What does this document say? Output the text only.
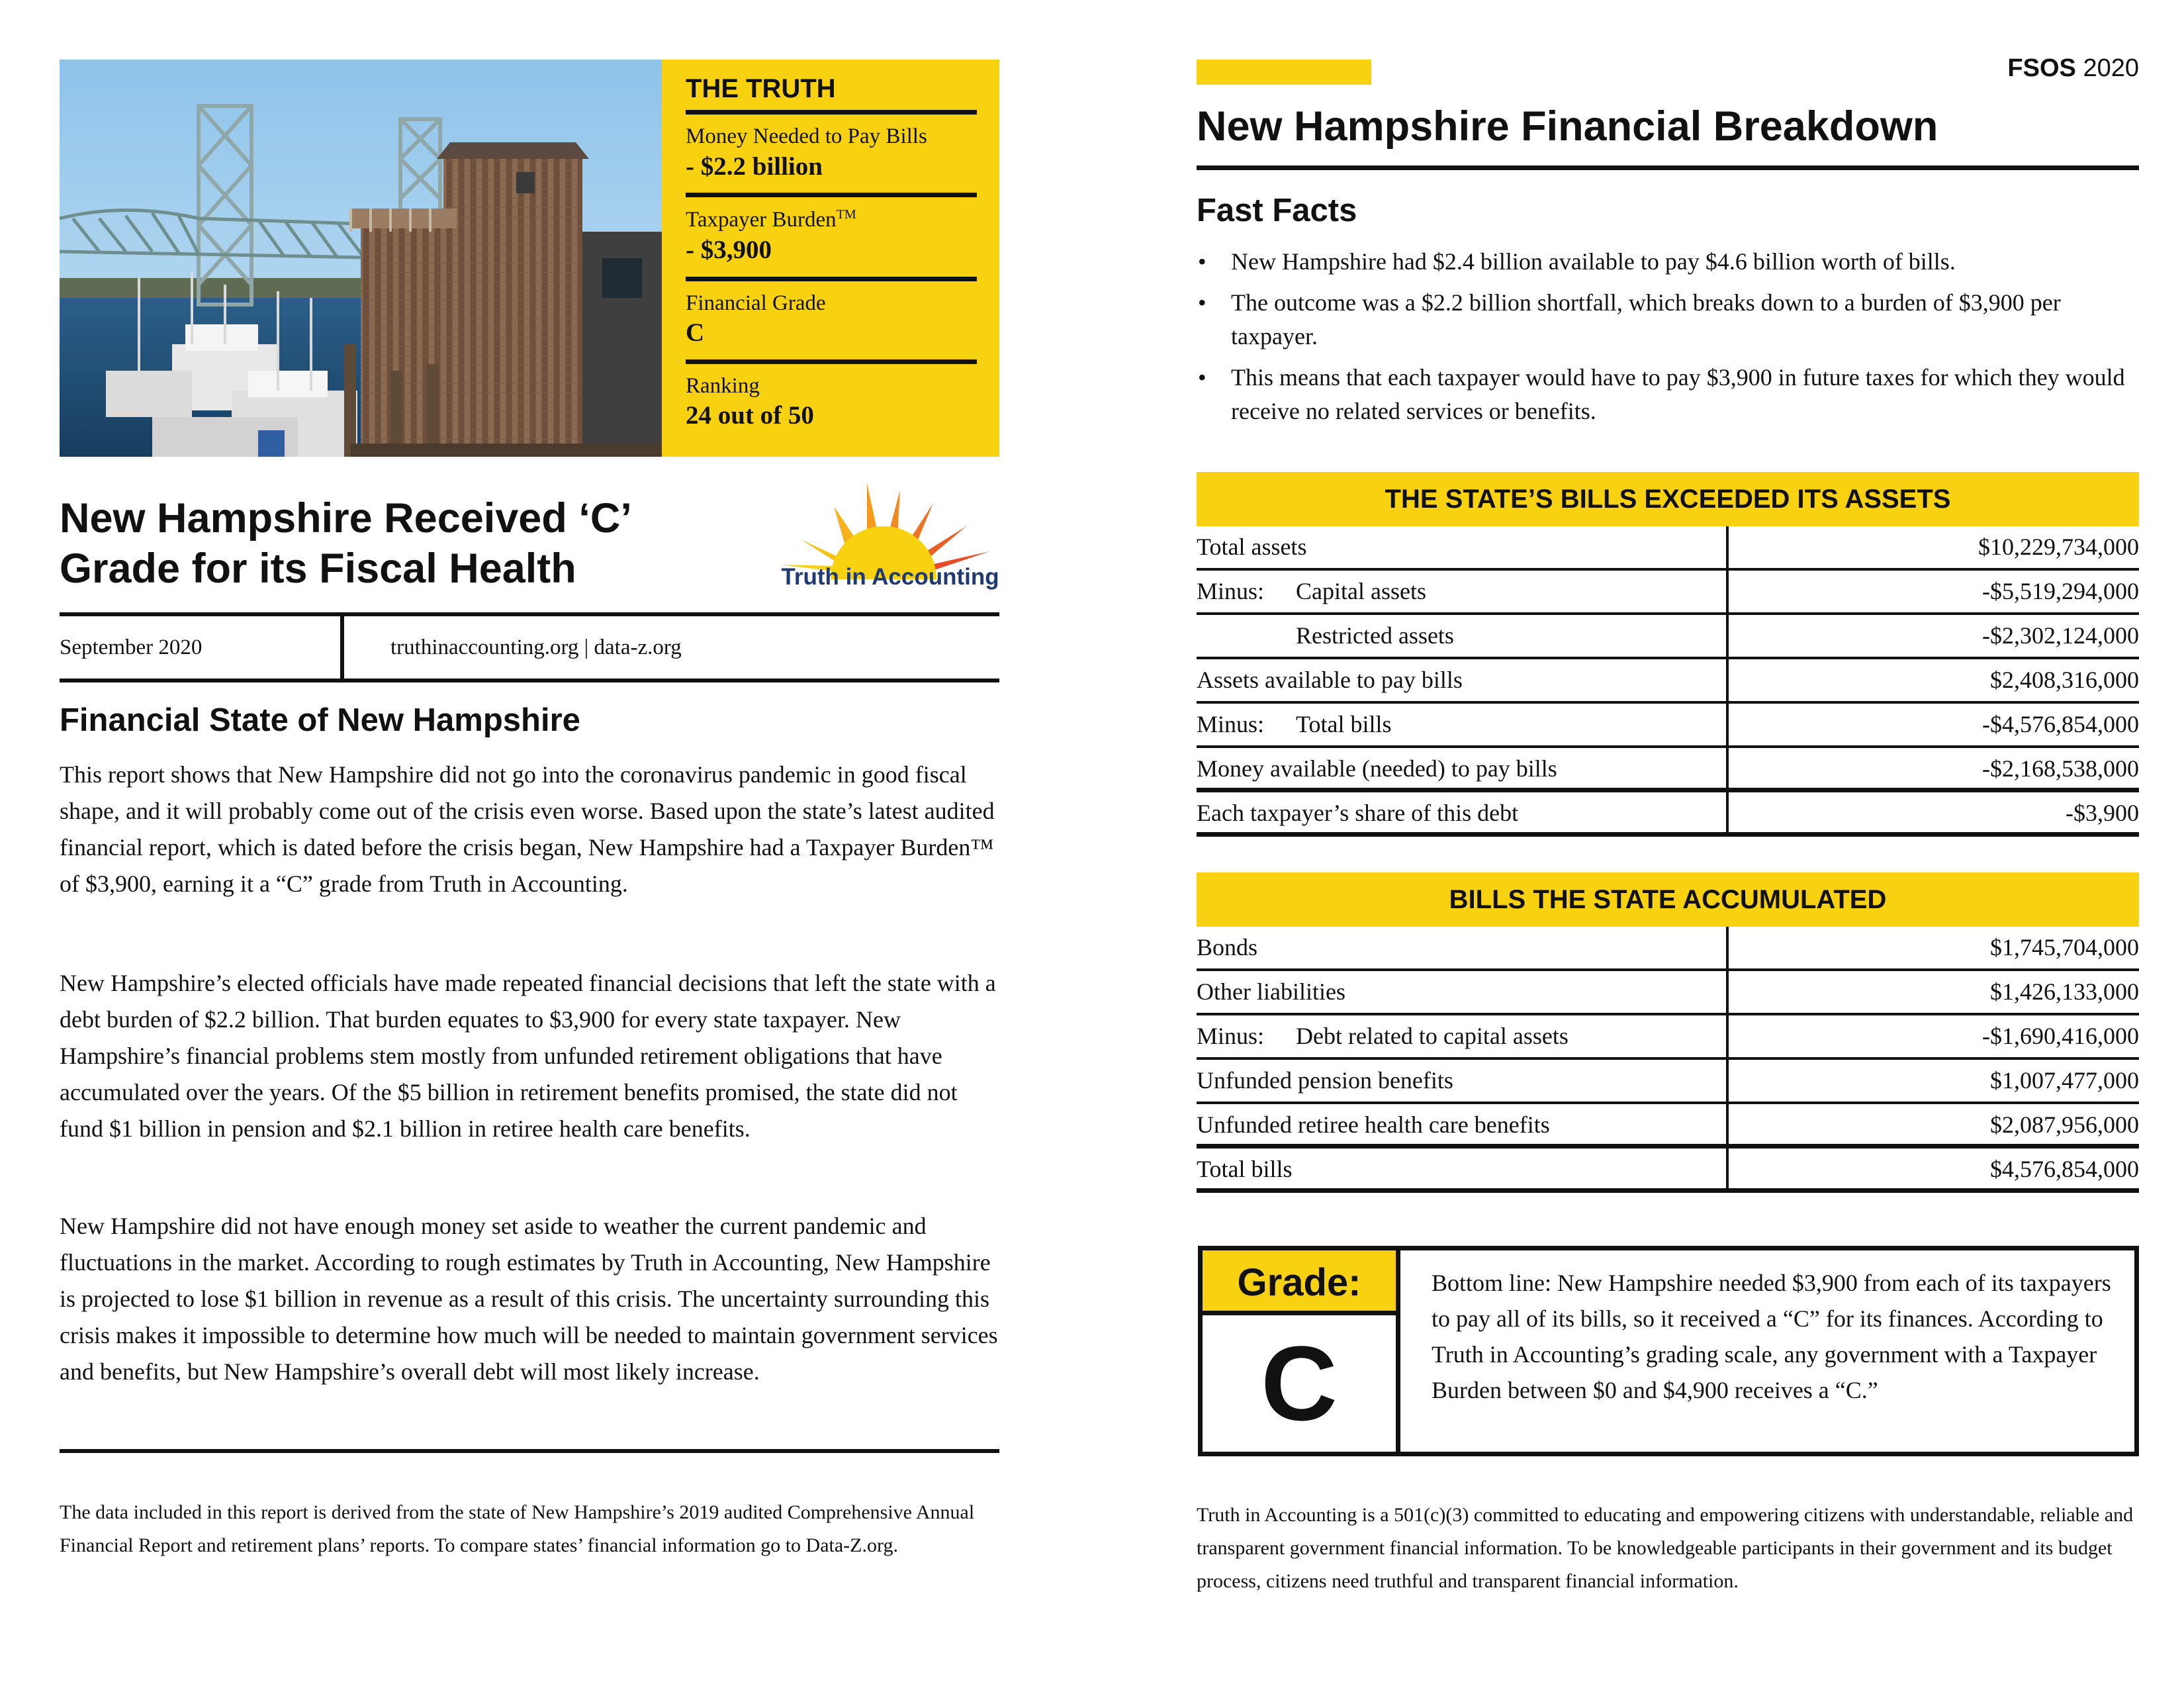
THE TRUTH
Money Needed to Pay Bills
- $2.2 billion
Taxpayer Burden™
- $3,900
Financial Grade
C
Ranking
24 out of 50
New Hampshire Received ‘C’
Grade for its Fiscal Health	Truth in Accounting
September 2020	truthinaccounting.org | data-z.org
Financial State of New Hampshire

This report shows that New Hampshire did not go into the coronavirus pandemic in good fiscal shape, and it will probably come out of the crisis even worse. Based upon the state’s latest audited financial report, which is dated before the crisis began, New Hampshire had a Taxpayer Burden™ of $3,900, earning it a “C” grade from Truth in Accounting.

New Hampshire’s elected officials have made repeated financial decisions that left the state with a debt burden of $2.2 billion. That burden equates to $3,900 for every state taxpayer. New Hampshire’s financial problems stem mostly from unfunded retirement obligations that have accumulated over the years. Of the $5 billion in retirement benefits promised, the state did not fund $1 billion in pension and $2.1 billion in retiree health care benefits.

New Hampshire did not have enough money set aside to weather the current pandemic and fluctuations in the market. According to rough estimates by Truth in Accounting, New Hampshire is projected to lose $1 billion in revenue as a result of this crisis. The uncertainty surrounding this crisis makes it impossible to determine how much will be needed to maintain government services and benefits, but New Hampshire’s overall debt will most likely increase.

The data included in this report is derived from the state of New Hampshire’s 2019 audited Comprehensive Annual Financial Report and retirement plans’ reports. To compare states’ financial information go to Data-Z.org.

FSOS 2020
New Hampshire Financial Breakdown
Fast Facts
• New Hampshire had $2.4 billion available to pay $4.6 billion worth of bills.
• The outcome was a $2.2 billion shortfall, which breaks down to a burden of $3,900 per taxpayer.
• This means that each taxpayer would have to pay $3,900 in future taxes for which they would receive no related services or benefits.
THE STATE’S BILLS EXCEEDED ITS ASSETS
Total assets	$10,229,734,000
Minus: Capital assets	-$5,519,294,000
Restricted assets	-$2,302,124,000
Assets available to pay bills	$2,408,316,000
Minus: Total bills	-$4,576,854,000
Money available (needed) to pay bills	-$2,168,538,000
Each taxpayer’s share of this debt	-$3,900
BILLS THE STATE ACCUMULATED
Bonds	$1,745,704,000
Other liabilities	$1,426,133,000
Minus: Debt related to capital assets	-$1,690,416,000
Unfunded pension benefits	$1,007,477,000
Unfunded retiree health care benefits	$2,087,956,000
Total bills	$4,576,854,000
Grade:
C

Bottom line: New Hampshire needed $3,900 from each of its taxpayers to pay all of its bills, so it received a “C” for its finances. According to Truth in Accounting’s grading scale, any government with a Taxpayer Burden between $0 and $4,900 receives a “C.”

Truth in Accounting is a 501(c)(3) committed to educating and empowering citizens with understandable, reliable and transparent government financial information. To be knowledgeable participants in their government and its budget process, citizens need truthful and transparent financial information.
